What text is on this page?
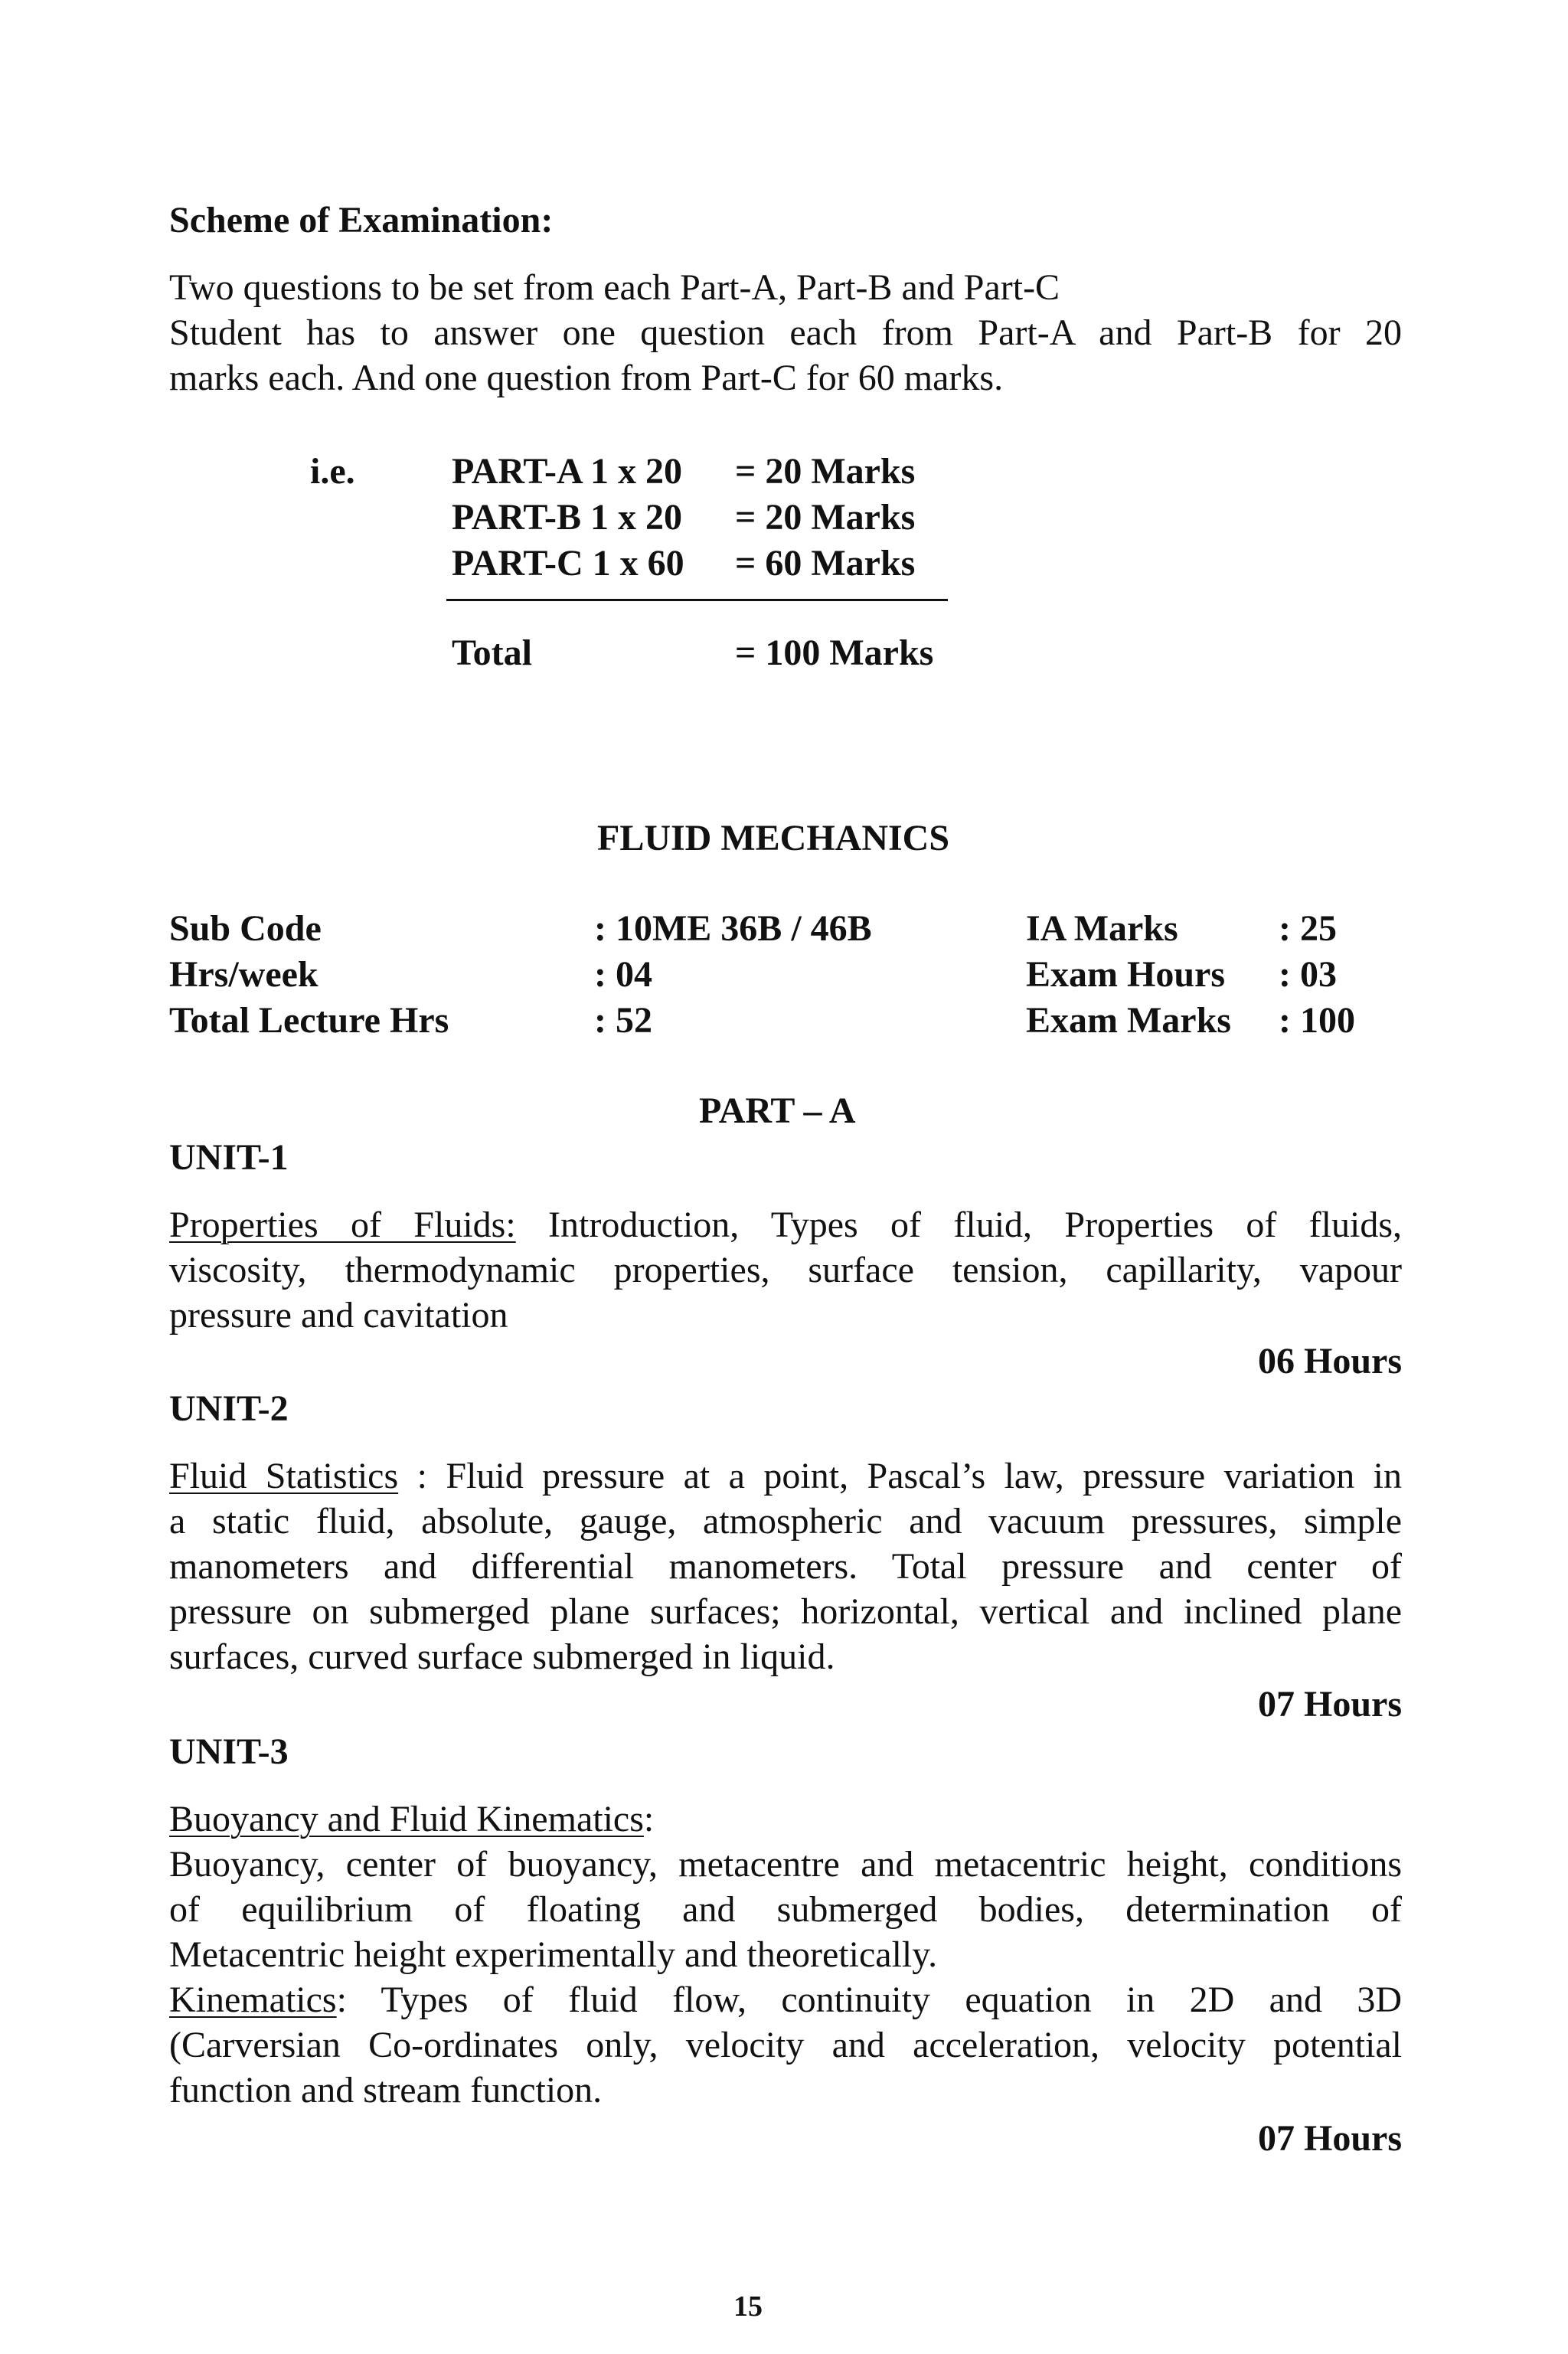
Scheme of Examination:
Two questions to be set from each Part-A, Part-B and Part-C
Student has to answer one question each from Part-A and Part-B for 20
marks each. And one question from Part-C for 60 marks.
i.e.	PART-A 1 x 20 = 20 Marks
PART-B 1 x 20 = 20 Marks
PART-C 1 x 60 = 60 Marks
Total	= 100 Marks
FLUID MECHANICS
Sub Code	: 10ME 36B / 46B	IA Marks	: 25
Hrs/week	: 04	Exam Hours : 03
Total Lecture Hrs	: 52	Exam Marks : 100
PART – A
UNIT-1
Properties of Fluids: Introduction, Types of fluid, Properties of fluids,
viscosity, thermodynamic properties, surface tension, capillarity, vapour
pressure and cavitation
06 Hours
UNIT-2
Fluid Statistics : Fluid pressure at a point, Pascal’s law, pressure variation in
a static fluid, absolute, gauge, atmospheric and vacuum pressures, simple
manometers and differential manometers. Total pressure and center of
pressure on submerged plane surfaces; horizontal, vertical and inclined plane
surfaces, curved surface submerged in liquid.
07 Hours
UNIT-3
Buoyancy and Fluid Kinematics:
Buoyancy, center of buoyancy, metacentre and metacentric height, conditions
of equilibrium of floating and submerged bodies, determination of
Metacentric height experimentally and theoretically.
Kinematics: Types of fluid flow, continuity equation in 2D and 3D
(Carversian Co-ordinates only, velocity and acceleration, velocity potential
function and stream function.
07 Hours
15
